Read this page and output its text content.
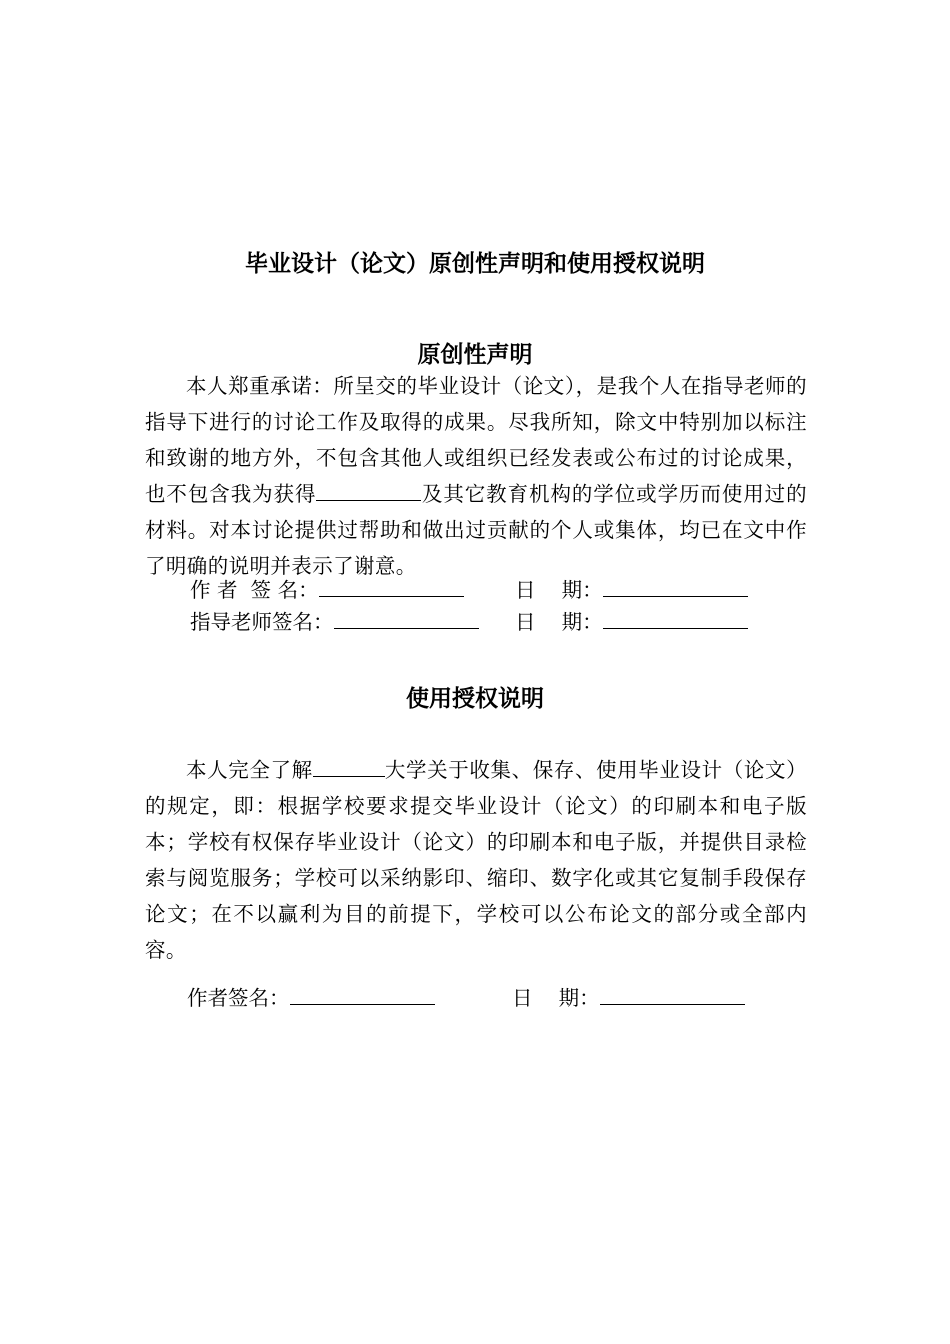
毕业设计（论文）原创性声明和使用授权说明
原创性声明
本人郑重承诺：所呈交的毕业设计（论文），是我个人在指导老师的指导下进行的讨论工作及取得的成果。尽我所知，除文中特别加以标注和致谢的地方外，不包含其他人或组织已经发表或公布过的讨论成果，也不包含我为获得	及其它教育机构的学位或学历而使用过的材料。对本讨论提供过帮助和做出过贡献的个人或集体，均已在文中作了明确的说明并表示了谢意。
作 者  签 名：	日    期：
指导老师签名：	日    期：
使用授权说明
本人完全了解	大学关于收集、保存、使用毕业设计（论文）的规定，即：根据学校要求提交毕业设计（论文）的印刷本和电子版本；学校有权保存毕业设计（论文）的印刷本和电子版，并提供目录检索与阅览服务；学校可以采纳影印、缩印、数字化或其它复制手段保存论文；在不以赢利为目的前提下，学校可以公布论文的部分或全部内容。
作者签名：	日    期：
